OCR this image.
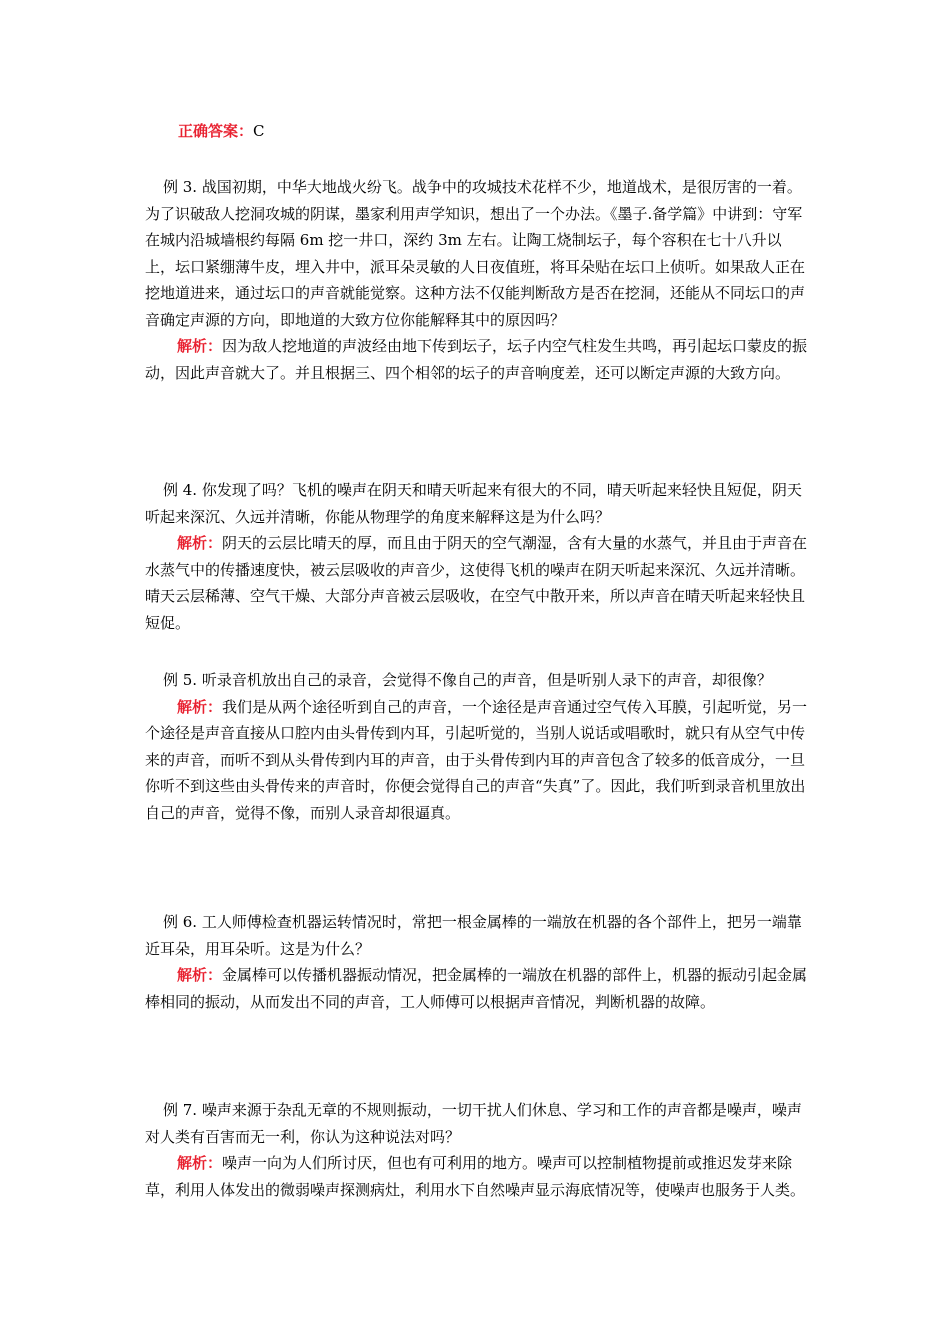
正确答案：C

例 3. 战国初期，中华大地战火纷飞。战争中的攻城技术花样不少，地道战术，是很厉害的一着。为了识破敌人挖洞攻城的阴谋，墨家利用声学知识，想出了一个办法。《墨子.备学篇》中讲到：守军在城内沿城墙根约每隔 6m 挖一井口，深约 3m 左右。让陶工烧制坛子，每个容积在七十八升以上，坛口紧绷薄牛皮，埋入井中，派耳朵灵敏的人日夜值班，将耳朵贴在坛口上侦听。如果敌人正在挖地道进来，通过坛口的声音就能觉察。这种方法不仅能判断敌方是否在挖洞，还能从不同坛口的声音确定声源的方向，即地道的大致方位你能解释其中的原因吗？

解析：因为敌人挖地道的声波经由地下传到坛子，坛子内空气柱发生共鸣，再引起坛口蒙皮的振动，因此声音就大了。并且根据三、四个相邻的坛子的声音响度差，还可以断定声源的大致方向。

例 4. 你发现了吗？飞机的噪声在阴天和晴天听起来有很大的不同，晴天听起来轻快且短促，阴天听起来深沉、久远并清晰，你能从物理学的角度来解释这是为什么吗？

解析：阴天的云层比晴天的厚，而且由于阴天的空气潮湿，含有大量的水蒸气，并且由于声音在水蒸气中的传播速度快，被云层吸收的声音少，这使得飞机的噪声在阴天听起来深沉、久远并清晰。晴天云层稀薄、空气干燥、大部分声音被云层吸收，在空气中散开来，所以声音在晴天听起来轻快且短促。

例 5. 听录音机放出自己的录音，会觉得不像自己的声音，但是听别人录下的声音，却很像？

解析：我们是从两个途径听到自己的声音，一个途径是声音通过空气传入耳膜，引起听觉，另一个途径是声音直接从口腔内由头骨传到内耳，引起听觉的，当别人说话或唱歌时，就只有从空气中传来的声音，而听不到从头骨传到内耳的声音，由于头骨传到内耳的声音包含了较多的低音成分，一旦你听不到这些由头骨传来的声音时，你便会觉得自己的声音“失真”了。因此，我们听到录音机里放出自己的声音，觉得不像，而别人录音却很逼真。

例 6. 工人师傅检查机器运转情况时，常把一根金属棒的一端放在机器的各个部件上，把另一端靠近耳朵，用耳朵听。这是为什么？

解析：金属棒可以传播机器振动情况，把金属棒的一端放在机器的部件上，机器的振动引起金属棒相同的振动，从而发出不同的声音，工人师傅可以根据声音情况，判断机器的故障。

例 7. 噪声来源于杂乱无章的不规则振动，一切干扰人们休息、学习和工作的声音都是噪声，噪声对人类有百害而无一利，你认为这种说法对吗？

解析：噪声一向为人们所讨厌，但也有可利用的地方。噪声可以控制植物提前或推迟发芽来除草，利用人体发出的微弱噪声探测病灶，利用水下自然噪声显示海底情况等，使噪声也服务于人类。
